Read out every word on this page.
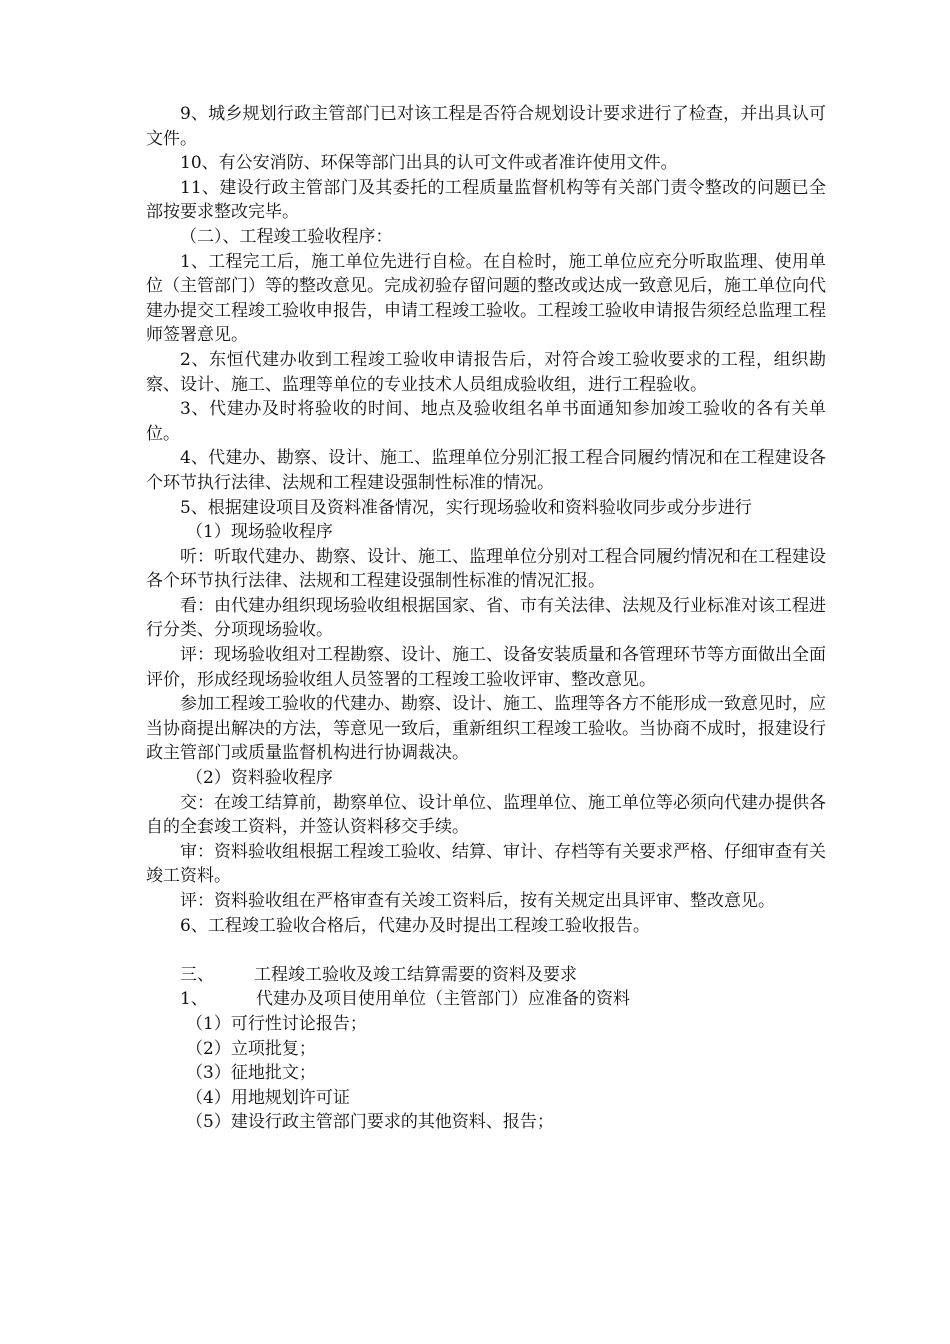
9、城乡规划行政主管部门已对该工程是否符合规划设计要求进行了检查，并出具认可文件。

10、有公安消防、环保等部门出具的认可文件或者准许使用文件。

11、建设行政主管部门及其委托的工程质量监督机构等有关部门责令整改的问题已全部按要求整改完毕。

（二）、工程竣工验收程序：

1、工程完工后，施工单位先进行自检。在自检时，施工单位应充分听取监理、使用单位（主管部门）等的整改意见。完成初验存留问题的整改或达成一致意见后，施工单位向代建办提交工程竣工验收申报告，申请工程竣工验收。工程竣工验收申请报告须经总监理工程师签署意见。

2、东恒代建办收到工程竣工验收申请报告后，对符合竣工验收要求的工程，组织勘察、设计、施工、监理等单位的专业技术人员组成验收组，进行工程验收。

3、代建办及时将验收的时间、地点及验收组名单书面通知参加竣工验收的各有关单位。

4、代建办、勘察、设计、施工、监理单位分别汇报工程合同履约情况和在工程建设各个环节执行法律、法规和工程建设强制性标准的情况。

5、根据建设项目及资料准备情况，实行现场验收和资料验收同步或分步进行

（1）现场验收程序

听：听取代建办、勘察、设计、施工、监理单位分别对工程合同履约情况和在工程建设各个环节执行法律、法规和工程建设强制性标准的情况汇报。

看：由代建办组织现场验收组根据国家、省、市有关法律、法规及行业标准对该工程进行分类、分项现场验收。

评：现场验收组对工程勘察、设计、施工、设备安装质量和各管理环节等方面做出全面评价，形成经现场验收组人员签署的工程竣工验收评审、整改意见。

参加工程竣工验收的代建办、勘察、设计、施工、监理等各方不能形成一致意见时，应当协商提出解决的方法，等意见一致后，重新组织工程竣工验收。当协商不成时，报建设行政主管部门或质量监督机构进行协调裁决。

（2）资料验收程序

交：在竣工结算前，勘察单位、设计单位、监理单位、施工单位等必须向代建办提供各自的全套竣工资料，并签认资料移交手续。

审：资料验收组根据工程竣工验收、结算、审计、存档等有关要求严格、仔细审查有关竣工资料。

评：资料验收组在严格审查有关竣工资料后，按有关规定出具评审、整改意见。

6、工程竣工验收合格后，代建办及时提出工程竣工验收报告。

三、 工程竣工验收及竣工结算需要的资料及要求

1、	代建办及项目使用单位（主管部门）应准备的资料

（1）可行性讨论报告；

（2）立项批复；

（3）征地批文；

（4）用地规划许可证

（5）建设行政主管部门要求的其他资料、报告；
